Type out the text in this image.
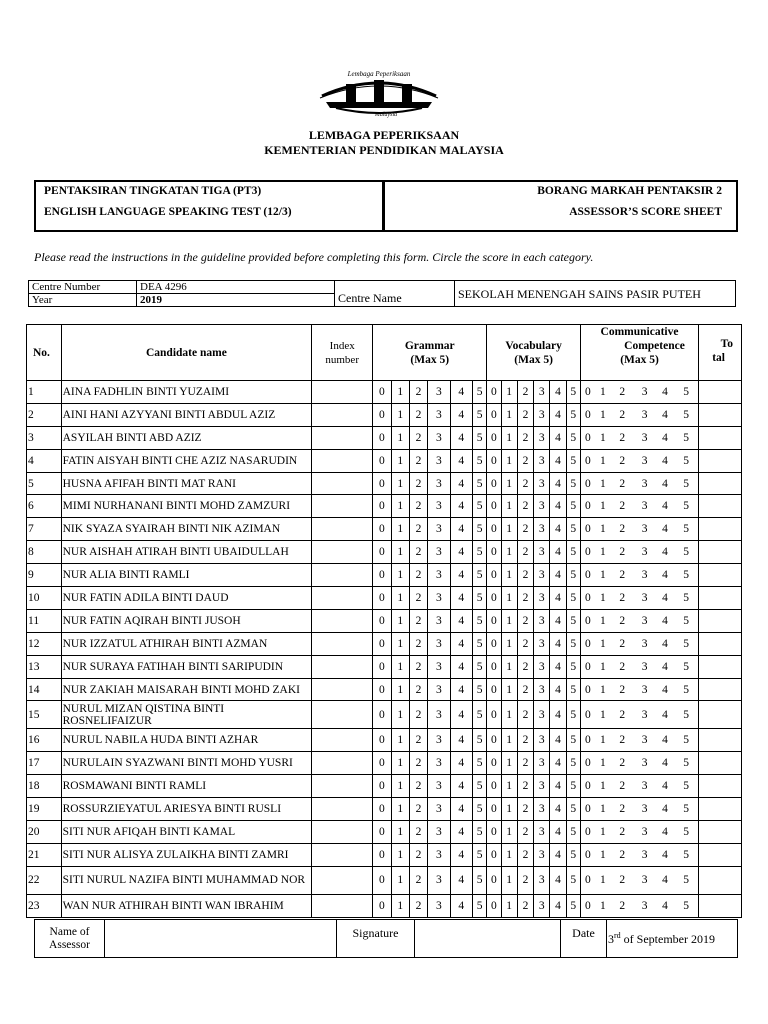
Lembaga Peperiksaan
Malaysia
LEMBAGA PEPERIKSAAN
KEMENTERIAN PENDIDIKAN MALAYSIA
PENTAKSIRAN TINGKATAN TIGA (PT3)
ENGLISH LANGUAGE SPEAKING TEST (12/3)
BORANG MARKAH PENTAKSIR 2
ASSESSOR’S SCORE SHEET
Please read the instructions in the guideline provided before completing this form. Circle the score in each category.
Centre Number	DEA 4296	Centre Name	SEKOLAH MENENGAH SAINS PASIR PUTEH
Year	2019		
No.	Candidate name	Index
number	Grammar
(Max 5)						Vocabulary
(Max 5)						Communicative
Competence
(Max 5)						To
tal
1	AINA FADHLIN BINTI YUZAIMI		0	1	2	3	4	5	0	1	2	3	4	5	0	1	2	3	4	5	
2	AINI HANI AZYYANI BINTI ABDUL AZIZ		0	1	2	3	4	5	0	1	2	3	4	5	0	1	2	3	4	5	
3	ASYILAH BINTI ABD AZIZ		0	1	2	3	4	5	0	1	2	3	4	5	0	1	2	3	4	5	
4	FATIN AISYAH BINTI CHE AZIZ NASARUDIN		0	1	2	3	4	5	0	1	2	3	4	5	0	1	2	3	4	5	
5	HUSNA AFIFAH BINTI MAT RANI		0	1	2	3	4	5	0	1	2	3	4	5	0	1	2	3	4	5	
6	MIMI NURHANANI BINTI MOHD ZAMZURI		0	1	2	3	4	5	0	1	2	3	4	5	0	1	2	3	4	5	
7	NIK SYAZA SYAIRAH BINTI NIK AZIMAN		0	1	2	3	4	5	0	1	2	3	4	5	0	1	2	3	4	5	
8	NUR AISHAH ATIRAH BINTI UBAIDULLAH		0	1	2	3	4	5	0	1	2	3	4	5	0	1	2	3	4	5	
9	NUR ALIA BINTI RAMLI		0	1	2	3	4	5	0	1	2	3	4	5	0	1	2	3	4	5	
10	NUR FATIN ADILA BINTI DAUD		0	1	2	3	4	5	0	1	2	3	4	5	0	1	2	3	4	5	
11	NUR FATIN AQIRAH BINTI JUSOH		0	1	2	3	4	5	0	1	2	3	4	5	0	1	2	3	4	5	
12	NUR IZZATUL ATHIRAH BINTI AZMAN		0	1	2	3	4	5	0	1	2	3	4	5	0	1	2	3	4	5	
13	NUR SURAYA FATIHAH BINTI SARIPUDIN		0	1	2	3	4	5	0	1	2	3	4	5	0	1	2	3	4	5	
14	NUR ZAKIAH MAISARAH BINTI MOHD ZAKI		0	1	2	3	4	5	0	1	2	3	4	5	0	1	2	3	4	5	
15	NURUL MIZAN QISTINA BINTI ROSNELIFAIZUR		0	1	2	3	4	5	0	1	2	3	4	5	0	1	2	3	4	5	
16	NURUL NABILA HUDA BINTI AZHAR		0	1	2	3	4	5	0	1	2	3	4	5	0	1	2	3	4	5	
17	NURULAIN SYAZWANI BINTI MOHD YUSRI		0	1	2	3	4	5	0	1	2	3	4	5	0	1	2	3	4	5	
18	ROSMAWANI BINTI RAMLI		0	1	2	3	4	5	0	1	2	3	4	5	0	1	2	3	4	5	
19	ROSSURZIEYATUL ARIESYA BINTI RUSLI		0	1	2	3	4	5	0	1	2	3	4	5	0	1	2	3	4	5	
20	SITI NUR AFIQAH BINTI KAMAL		0	1	2	3	4	5	0	1	2	3	4	5	0	1	2	3	4	5	
21	SITI NUR ALISYA ZULAIKHA BINTI ZAMRI		0	1	2	3	4	5	0	1	2	3	4	5	0	1	2	3	4	5	
22	SITI NURUL NAZIFA BINTI MUHAMMAD NOR		0	1	2	3	4	5	0	1	2	3	4	5	0	1	2	3	4	5	
23	WAN NUR ATHIRAH BINTI WAN IBRAHIM		0	1	2	3	4	5	0	1	2	3	4	5	0	1	2	3	4	5	
Name of
Assessor		Signature		Date	3rd of September 2019
